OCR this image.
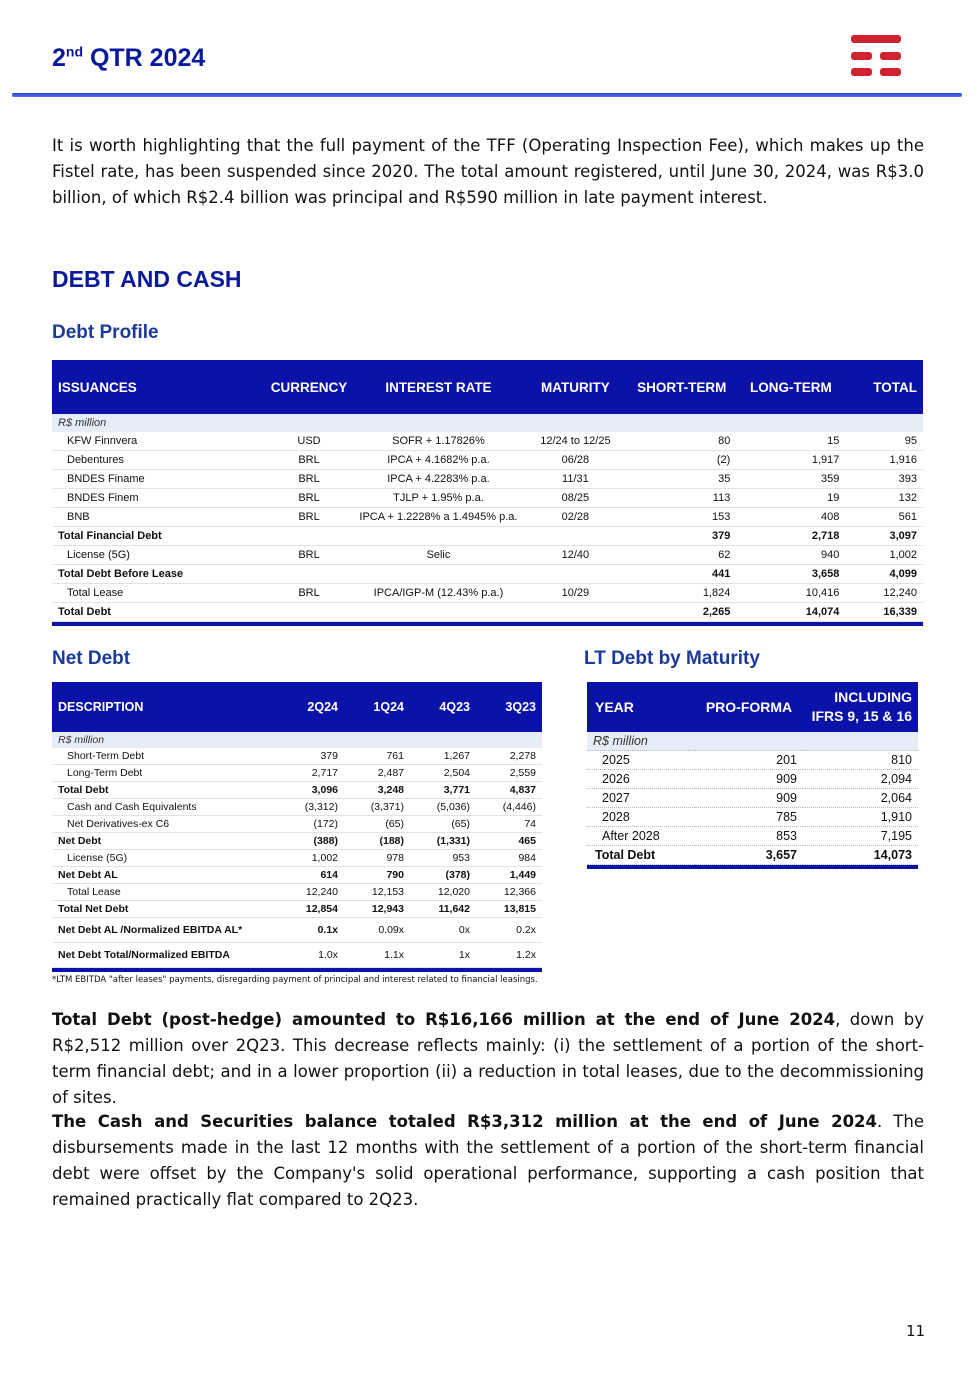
2nd QTR 2024
It is worth highlighting that the full payment of the TFF (Operating Inspection Fee), which makes up the Fistel rate, has been suspended since 2020. The total amount registered, until June 30, 2024, was R$3.0 billion, of which R$2.4 billion was principal and R$590 million in late payment interest.
DEBT AND CASH
Debt Profile
ISSUANCES	CURRENCY	INTEREST RATE	MATURITY	SHORT-TERM	LONG-TERM	TOTAL
R$ million						
KFW Finnvera	USD	SOFR + 1.17826%	12/24 to 12/25	80	15	95
Debentures	BRL	IPCA + 4.1682% p.a.	06/28	(2)	1,917	1,916
BNDES Finame	BRL	IPCA + 4.2283% p.a.	11/31	35	359	393
BNDES Finem	BRL	TJLP + 1.95% p.a.	08/25	113	19	132
BNB	BRL	IPCA + 1.2228% a 1.4945% p.a.	02/28	153	408	561
Total Financial Debt				379	2,718	3,097
License (5G)	BRL	Selic	12/40	62	940	1,002
Total Debt Before Lease				441	3,658	4,099
Total Lease	BRL	IPCA/IGP-M (12.43% p.a.)	10/29	1,824	10,416	12,240
Total Debt				2,265	14,074	16,339
Net Debt
DESCRIPTION	2Q24	1Q24	4Q23	3Q23
R$ million				
Short-Term Debt	379	761	1,267	2,278
Long-Term Debt	2,717	2,487	2,504	2,559
Total Debt	3,096	3,248	3,771	4,837
Cash and Cash Equivalents	(3,312)	(3,371)	(5,036)	(4,446)
Net Derivatives-ex C6	(172)	(65)	(65)	74
Net Debt	(388)	(188)	(1,331)	465
License (5G)	1,002	978	953	984
Net Debt AL	614	790	(378)	1,449
Total Lease	12,240	12,153	12,020	12,366
Total Net Debt	12,854	12,943	11,642	13,815
Net Debt AL /Normalized EBITDA AL*	0.1x	0.09x	0x	0.2x
Net Debt Total/Normalized EBITDA	1.0x	1.1x	1x	1.2x
*LTM EBITDA "after leases" payments, disregarding payment of principal and interest related to financial leasings.
LT Debt by Maturity
YEAR	PRO-FORMA	INCLUDING
IFRS 9, 15 & 16
R$ million		
2025	201	810
2026	909	2,094
2027	909	2,064
2028	785	1,910
After 2028	853	7,195
Total Debt	3,657	14,073
Total Debt (post-hedge) amounted to R$16,166 million at the end of June 2024, down by R$2,512 million over 2Q23. This decrease reflects mainly: (i) the settlement of a portion of the short-term financial debt; and in a lower proportion (ii) a reduction in total leases, due to the decommissioning of sites.
The Cash and Securities balance totaled R$3,312 million at the end of June 2024. The disbursements made in the last 12 months with the settlement of a portion of the short-term financial debt were offset by the Company's solid operational performance, supporting a cash position that remained practically flat compared to 2Q23.
11
